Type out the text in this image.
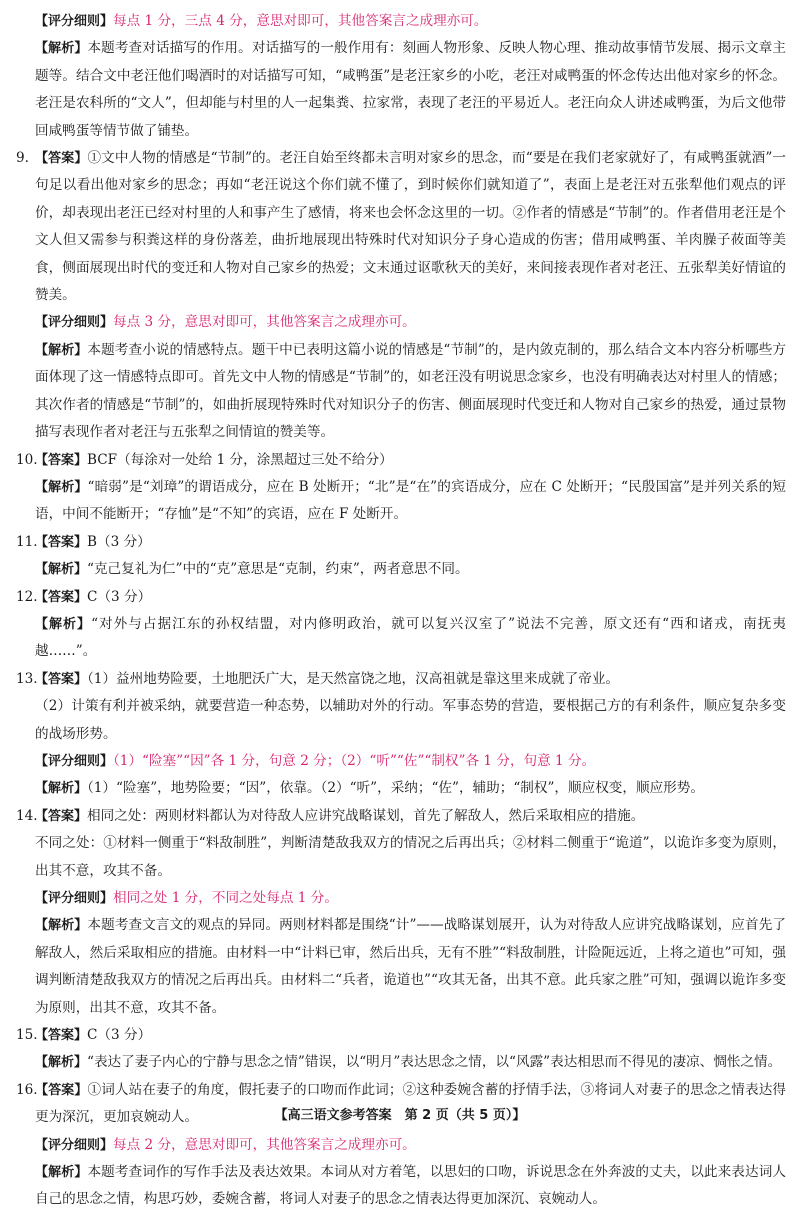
【评分细则】每点 1 分，三点 4 分，意思对即可，其他答案言之成理亦可。
【解析】本题考查对话描写的作用。对话描写的一般作用有：刻画人物形象、反映人物心理、推动故事情节发展、揭示文章主题等。结合文中老汪他们喝酒时的对话描写可知，“咸鸭蛋”是老汪家乡的小吃，老汪对咸鸭蛋的怀念传达出他对家乡的怀念。老汪是农科所的“文人”，但却能与村里的人一起集粪、拉家常，表现了老汪的平易近人。老汪向众人讲述咸鸭蛋，为后文他带回咸鸭蛋等情节做了铺垫。
9. 【答案】①文中人物的情感是“节制”的。老汪自始至终都未言明对家乡的思念，而“要是在我们老家就好了，有咸鸭蛋就酒”一句足以看出他对家乡的思念；再如“老汪说这个你们就不懂了，到时候你们就知道了”，表面上是老汪对五张犁他们观点的评价，却表现出老汪已经对村里的人和事产生了感情，将来也会怀念这里的一切。②作者的情感是“节制”的。作者借用老汪是个文人但又需参与积粪这样的身份落差，曲折地展现出特殊时代对知识分子身心造成的伤害；借用咸鸭蛋、羊肉臊子莜面等美食，侧面展现出时代的变迁和人物对自己家乡的热爱；文末通过讴歌秋天的美好，来间接表现作者对老汪、五张犁美好情谊的赞美。
【评分细则】每点 3 分，意思对即可，其他答案言之成理亦可。
【解析】本题考查小说的情感特点。题干中已表明这篇小说的情感是“节制”的，是内敛克制的，那么结合文本内容分析哪些方面体现了这一情感特点即可。首先文中人物的情感是“节制”的，如老汪没有明说思念家乡，也没有明确表达对村里人的情感；其次作者的情感是“节制”的，如曲折展现特殊时代对知识分子的伤害、侧面展现时代变迁和人物对自己家乡的热爱，通过景物描写表现作者对老汪与五张犁之间情谊的赞美等。
10.【答案】BCF（每涂对一处给 1 分，涂黑超过三处不给分）
【解析】“暗弱”是“刘璋”的谓语成分，应在 B 处断开；“北”是“在”的宾语成分，应在 C 处断开；“民殷国富”是并列关系的短语，中间不能断开；“存恤”是“不知”的宾语，应在 F 处断开。
11.【答案】B（3 分）
【解析】“克己复礼为仁”中的“克”意思是“克制，约束”，两者意思不同。
12.【答案】C（3 分）
【解析】“对外与占据江东的孙权结盟，对内修明政治，就可以复兴汉室了”说法不完善，原文还有“西和诸戎，南抚夷越……”。
13.【答案】（1）益州地势险要，土地肥沃广大，是天然富饶之地，汉高祖就是靠这里来成就了帝业。
（2）计策有利并被采纳，就要营造一种态势，以辅助对外的行动。军事态势的营造，要根据己方的有利条件，顺应复杂多变的战场形势。
【评分细则】（1）“险塞”“因”各 1 分，句意 2 分；（2）“听”“佐”“制权”各 1 分，句意 1 分。
【解析】（1）“险塞”，地势险要；“因”，依靠。（2）“听”，采纳；“佐”，辅助；“制权”，顺应权变，顺应形势。
14.【答案】相同之处：两则材料都认为对待敌人应讲究战略谋划，首先了解敌人，然后采取相应的措施。
不同之处：①材料一侧重于“料敌制胜”，判断清楚敌我双方的情况之后再出兵；②材料二侧重于“诡道”，以诡诈多变为原则，出其不意，攻其不备。
【评分细则】相同之处 1 分，不同之处每点 1 分。
【解析】本题考查文言文的观点的异同。两则材料都是围绕“计”——战略谋划展开，认为对待敌人应讲究战略谋划，应首先了解敌人，然后采取相应的措施。由材料一中“计料已审，然后出兵，无有不胜”“料敌制胜，计险阨远近，上将之道也”可知，强调判断清楚敌我双方的情况之后再出兵。由材料二“兵者，诡道也”“攻其无备，出其不意。此兵家之胜”可知，强调以诡诈多变为原则，出其不意，攻其不备。
15.【答案】C（3 分）
【解析】“表达了妻子内心的宁静与思念之情”错误，以“明月”表达思念之情，以“风露”表达相思而不得见的凄凉、惆怅之情。
16.【答案】①词人站在妻子的角度，假托妻子的口吻而作此词；②这种委婉含蓄的抒情手法，③将词人对妻子的思念之情表达得更为深沉，更加哀婉动人。
【评分细则】每点 2 分，意思对即可，其他答案言之成理亦可。
【解析】本题考查词作的写作手法及表达效果。本词从对方着笔，以思妇的口吻，诉说思念在外奔波的丈夫，以此来表达词人自己的思念之情，构思巧妙，委婉含蓄，将词人对妻子的思念之情表达得更加深沉、哀婉动人。
【高三语文参考答案　第 2 页（共 5 页）】
